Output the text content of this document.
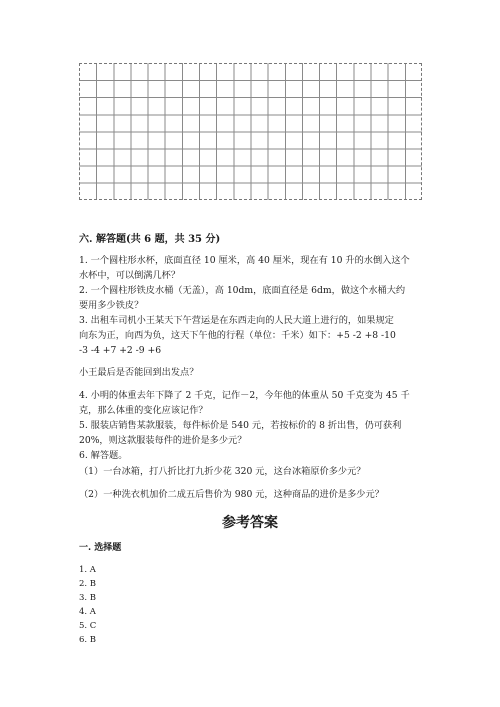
六. 解答题(共 6 题，共 35 分)
1. 一个圆柱形水杯，底面直径 10 厘米，高 40 厘米，现在有 10 升的水倒入这个
水杯中，可以倒满几杯？
2. 一个圆柱形铁皮水桶（无盖），高 10dm，底面直径是 6dm，做这个水桶大约
要用多少铁皮？
3. 出租车司机小王某天下午营运是在东西走向的人民大道上进行的，如果规定
向东为正，向西为负，这天下午他的行程（单位：千米）如下：+5 -2 +8 -10
-3 -4 +7 +2 -9 +6
小王最后是否能回到出发点？
4. 小明的体重去年下降了 2 千克，记作－2，今年他的体重从 50 千克变为 45 千
克，那么体重的变化应该记作？
5. 服装店销售某款服装，每件标价是 540 元，若按标价的 8 折出售，仍可获利
20%，则这款服装每件的进价是多少元？
6. 解答题。
（1）一台冰箱，打八折比打九折少花 320 元，这台冰箱原价多少元？
（2）一种洗衣机加价二成五后售价为 980 元，这种商品的进价是多少元？
参考答案
一. 选择题
1. A
2. B
3. B
4. A
5. C
6. B
